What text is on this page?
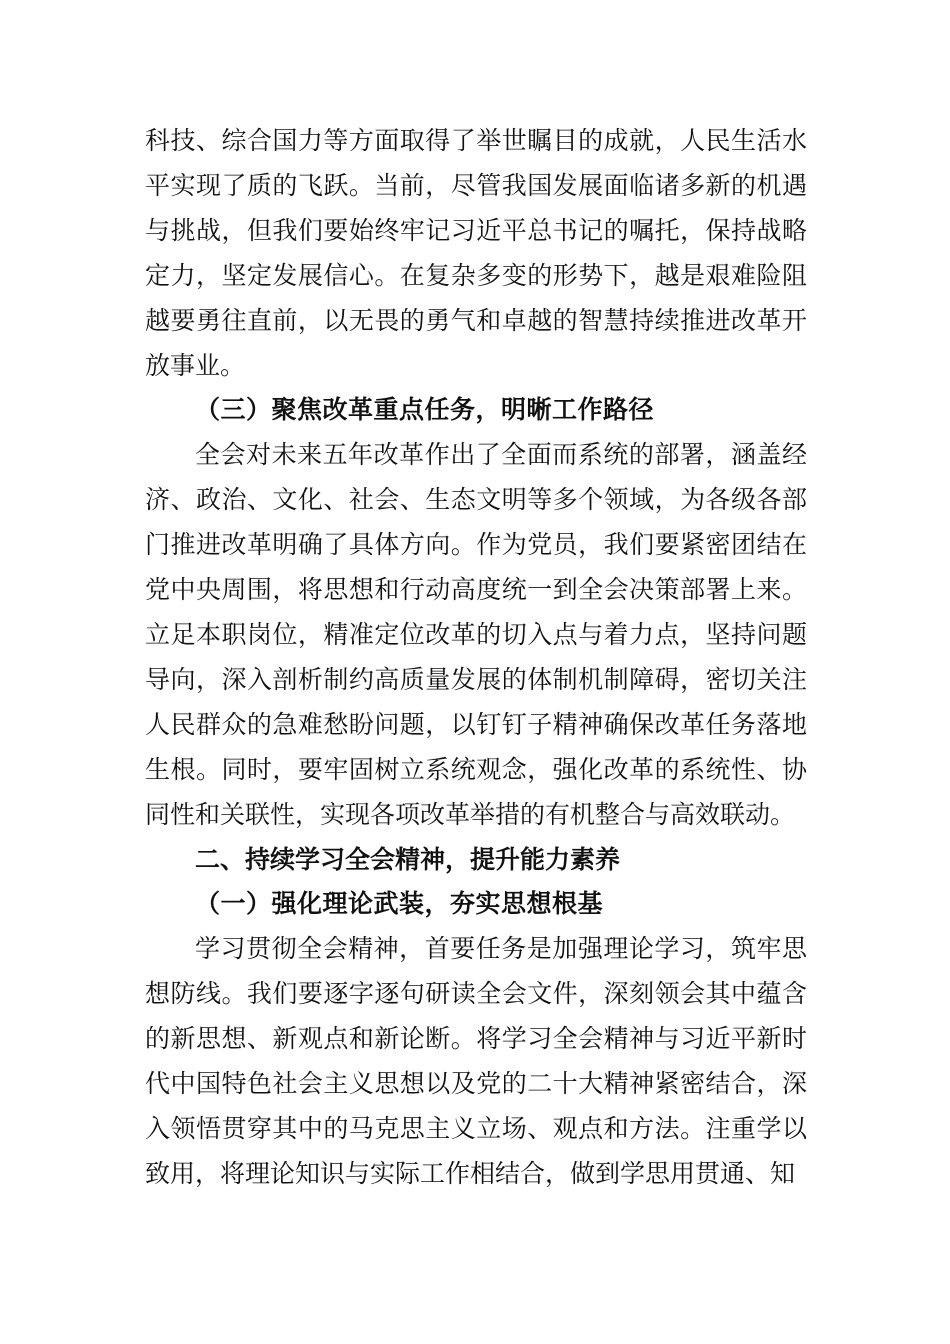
科技、综合国力等方面取得了举世瞩目的成就，人民生活水平实现了质的飞跃。当前，尽管我国发展面临诸多新的机遇与挑战，但我们要始终牢记习近平总书记的嘱托，保持战略定力，坚定发展信心。在复杂多变的形势下，越是艰难险阻越要勇往直前，以无畏的勇气和卓越的智慧持续推进改革开放事业。

（三）聚焦改革重点任务，明晰工作路径

全会对未来五年改革作出了全面而系统的部署，涵盖经济、政治、文化、社会、生态文明等多个领域，为各级各部门推进改革明确了具体方向。作为党员，我们要紧密团结在党中央周围，将思想和行动高度统一到全会决策部署上来。立足本职岗位，精准定位改革的切入点与着力点，坚持问题导向，深入剖析制约高质量发展的体制机制障碍，密切关注人民群众的急难愁盼问题，以钉钉子精神确保改革任务落地生根。同时，要牢固树立系统观念，强化改革的系统性、协同性和关联性，实现各项改革举措的有机整合与高效联动。

二、持续学习全会精神，提升能力素养

（一）强化理论武装，夯实思想根基

学习贯彻全会精神，首要任务是加强理论学习，筑牢思想防线。我们要逐字逐句研读全会文件，深刻领会其中蕴含的新思想、新观点和新论断。将学习全会精神与习近平新时代中国特色社会主义思想以及党的二十大精神紧密结合，深入领悟贯穿其中的马克思主义立场、观点和方法。注重学以致用，将理论知识与实际工作相结合，做到学思用贯通、知
